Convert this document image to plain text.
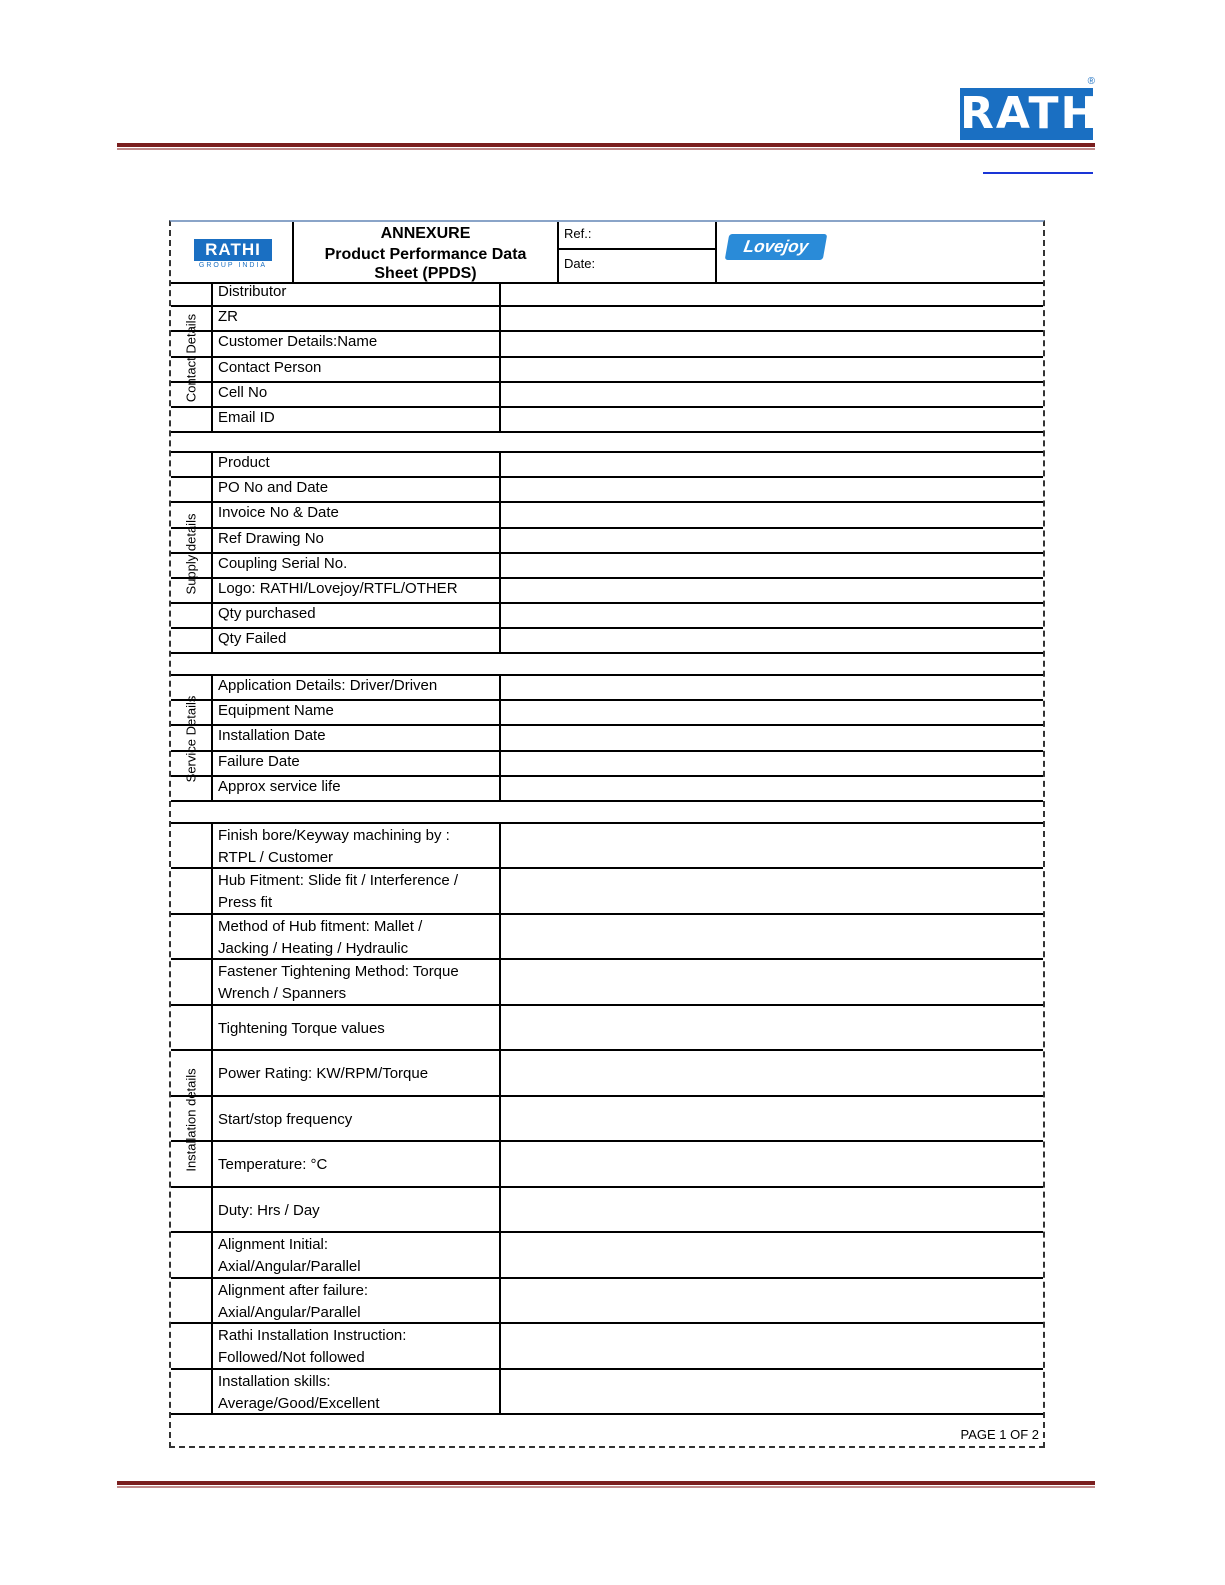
RATHI
®
RATHI
GROUP INDIA
ANNEXURE
Product Performance Data
Sheet (PPDS)
Ref.:
Date:
Lovejoy
Contact Details
Distributor
ZR
Customer Details:Name
Contact Person
Cell No
Email ID
Supply details
Product
PO No and Date
Invoice No & Date
Ref Drawing No
Coupling Serial No.
Logo: RATHI/Lovejoy/RTFL/OTHER
Qty purchased
Qty Failed
Service Details
Application Details: Driver/Driven
Equipment Name
Installation Date
Failure Date
Approx service life
Installation details
Finish bore/Keyway machining by :
RTPL / Customer
Hub Fitment: Slide fit / Interference /
Press fit
Method of Hub fitment: Mallet /
Jacking / Heating / Hydraulic
Fastener Tightening Method: Torque
Wrench / Spanners
Tightening Torque values
Power Rating: KW/RPM/Torque
Start/stop frequency
Temperature: °C
Duty: Hrs / Day
Alignment Initial:
Axial/Angular/Parallel
Alignment after failure:
Axial/Angular/Parallel
Rathi Installation Instruction:
Followed/Not followed
Installation skills:
Average/Good/Excellent
PAGE 1 OF 2
